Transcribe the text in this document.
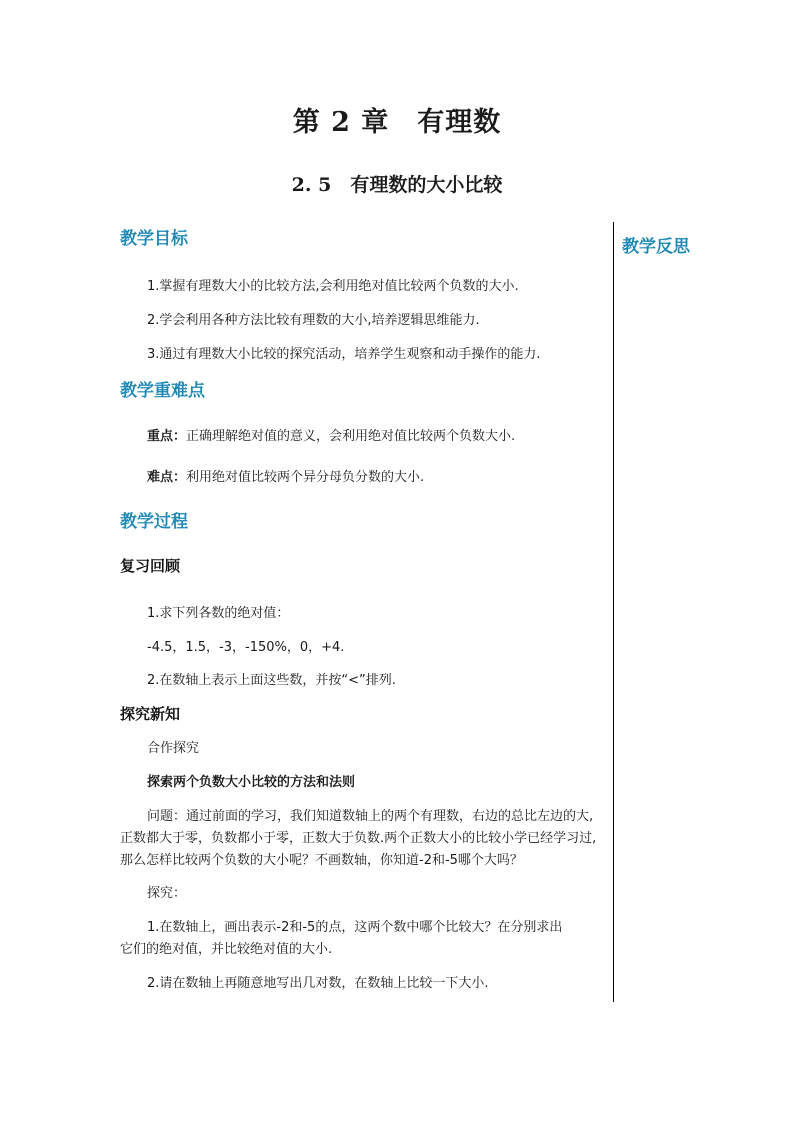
第 2 章　有理数
2. 5　有理数的大小比较
教学反思
教学目标
1.掌握有理数大小的比较方法,会利用绝对值比较两个负数的大小.
2.学会利用各种方法比较有理数的大小,培养逻辑思维能力.
3.通过有理数大小比较的探究活动，培养学生观察和动手操作的能力.
教学重难点
重点：正确理解绝对值的意义，会利用绝对值比较两个负数大小.
难点：利用绝对值比较两个异分母负分数的大小.
教学过程
复习回顾
1.求下列各数的绝对值：
-4.5，1.5，-3，-150%，0，+4.
2.在数轴上表示上面这些数，并按“<”排列.
探究新知
合作探究
探索两个负数大小比较的方法和法则
问题：通过前面的学习，我们知道数轴上的两个有理数，右边的总比左边的大,
正数都大于零，负数都小于零，正数大于负数.两个正数大小的比较小学已经学习过,
那么怎样比较两个负数的大小呢？不画数轴，你知道-2和-5哪个大吗？
探究：
1.在数轴上，画出表示-2和-5的点，这两个数中哪个比较大？在分别求出
它们的绝对值，并比较绝对值的大小.
2.请在数轴上再随意地写出几对数，在数轴上比较一下大小.
